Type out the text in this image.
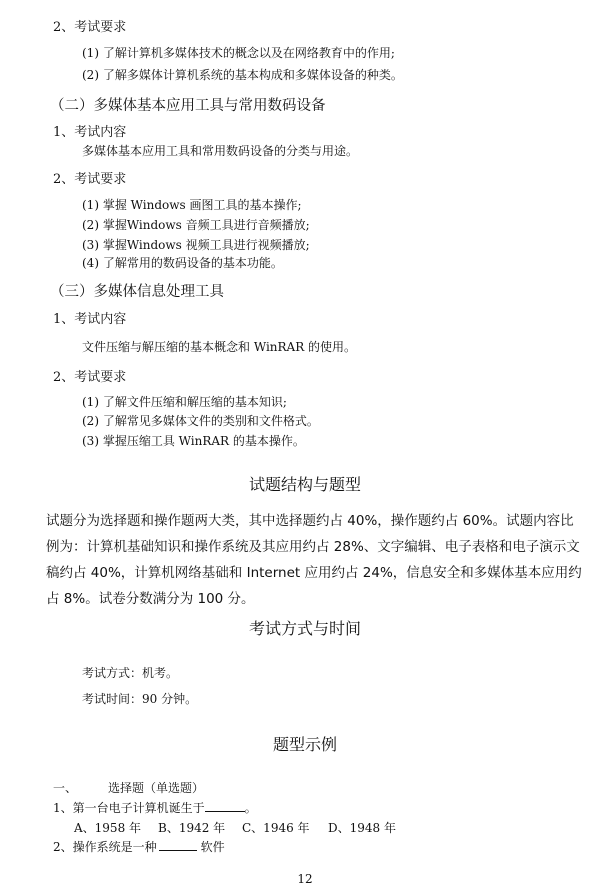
2、考试要求
(1) 了解计算机多媒体技术的概念以及在网络教育中的作用;
(2) 了解多媒体计算机系统的基本构成和多媒体设备的种类。
（二）多媒体基本应用工具与常用数码设备
1、考试内容
多媒体基本应用工具和常用数码设备的分类与用途。
2、考试要求
(1) 掌握 Windows 画图工具的基本操作;
(2) 掌握Windows 音频工具进行音频播放;
(3) 掌握Windows 视频工具进行视频播放;
(4) 了解常用的数码设备的基本功能。
（三）多媒体信息处理工具
1、考试内容
文件压缩与解压缩的基本概念和 WinRAR 的使用。
2、考试要求
(1) 了解文件压缩和解压缩的基本知识;
(2) 了解常见多媒体文件的类别和文件格式。
(3) 掌握压缩工具 WinRAR 的基本操作。
试题结构与题型
试题分为选择题和操作题两大类，其中选择题约占 40%，操作题约占 60%。试题内容比例为：计算机基础知识和操作系统及其应用约占 28%、文字编辑、电子表格和电子演示文稿约占 40%，计算机网络基础和 Internet 应用约占 24%，信息安全和多媒体基本应用约占 8%。试卷分数满分为 100 分。
考试方式与时间
考试方式：机考。
考试时间：90 分钟。
题型示例
一、	选择题（单选题）
1、第一台电子计算机诞生于	。
A、1958 年 B、1942 年 C、1946 年 D、1948 年
2、操作系统是一种	软件
12
